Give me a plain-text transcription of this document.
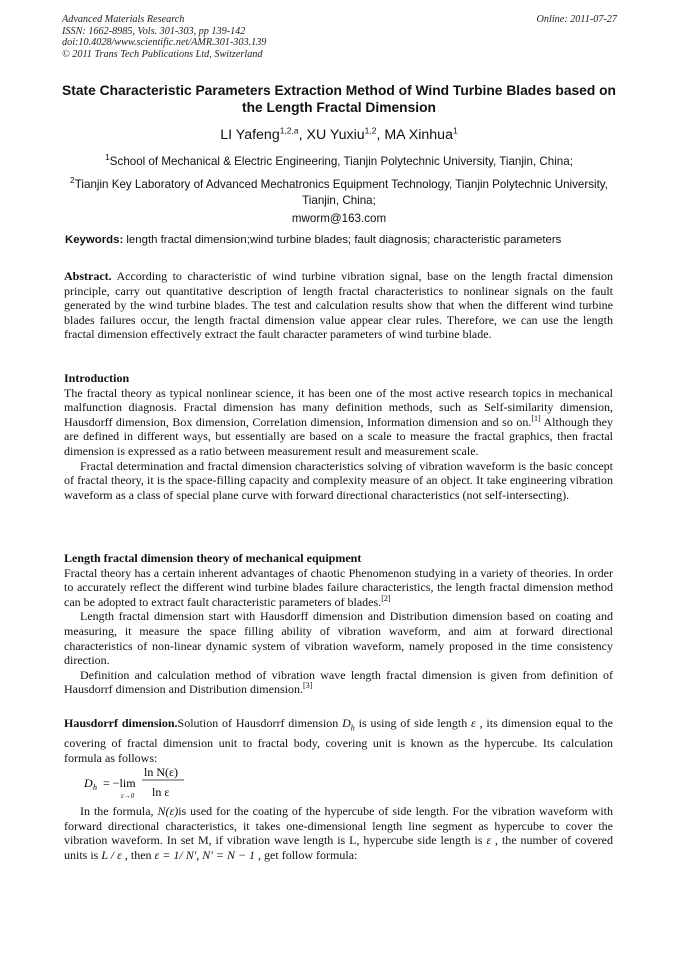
Advanced Materials Research
ISSN: 1662-8985, Vols. 301-303, pp 139-142
doi:10.4028/www.scientific.net/AMR.301-303.139
© 2011 Trans Tech Publications Ltd, Switzerland
Online: 2011-07-27
State Characteristic Parameters Extraction Method of Wind Turbine Blades based on the Length Fractal Dimension
LI Yafeng$^{1,2,a}$, XU Yuxiu$^{1,2}$, MA Xinhua$^1$
$^1$School of Mechanical & Electric Engineering, Tianjin Polytechnic University, Tianjin, China;
$^2$Tianjin Key Laboratory of Advanced Mechatronics Equipment Technology, Tianjin Polytechnic University, Tianjin, China;
mworm@163.com
Keywords: length fractal dimension;wind turbine blades; fault diagnosis; characteristic parameters

Abstract. According to characteristic of wind turbine vibration signal, base on the length fractal dimension principle, carry out quantitative description of length fractal characteristics to nonlinear signals on the fault generated by the wind turbine blades. The test and calculation results show that when the different wind turbine blades failures occur, the length fractal dimension value appear clear rules. Therefore, we can use the length fractal dimension effectively extract the fault character parameters of wind turbine blade.

Introduction

The fractal theory as typical nonlinear science, it has been one of the most active research topics in mechanical malfunction diagnosis. Fractal dimension has many definition methods, such as Self-similarity dimension, Hausdorff dimension, Box dimension, Correlation dimension, Information dimension and so on.[1] Although they are defined in different ways, but essentially are based on a scale to measure the fractal graphics, then fractal dimension is expressed as a ratio between measurement result and measurement scale.

Fractal determination and fractal dimension characteristics solving of vibration waveform is the basic concept of fractal theory, it is the space-filling capacity and complexity measure of an object. It take engineering vibration waveform as a class of special plane curve with forward directional characteristics (not self-intersecting).

Length fractal dimension theory of mechanical equipment

Fractal theory has a certain inherent advantages of chaotic Phenomenon studying in a variety of theories. In order to accurately reflect the different wind turbine blades failure characteristics, the length fractal dimension method can be adopted to extract fault characteristic parameters of blades.[2]

Length fractal dimension start with Hausdorff dimension and Distribution dimension based on coating and measuring, it measure the space filling ability of vibration waveform, and aim at forward directional characteristics of non-linear dynamic system of vibration waveform, namely proposed in the time consistency direction.

Definition and calculation method of vibration wave length fractal dimension is given from definition of Hausdorrf dimension and Distribution dimension.[3]

Hausdorrf dimension.Solution of Hausdorrf dimension $D_h$ is using of side length ε , its dimension equal to the covering of fractal dimension unit to fractal body, covering unit is known as the hypercube. Its calculation formula as follows:

D h = −lim
ε→0
ln N(ε)
ln ε

In the formula, N(ε)is used for the coating of the hypercube of side length. For the vibration waveform with forward directional characteristics, it takes one-dimensional length line segment as hypercube to cover the vibration waveform. In set M, if vibration wave length is L, hypercube side length is ε , the number of covered units is L / ε , then ε = 1/ N', N' = N − 1 , get follow formula:
